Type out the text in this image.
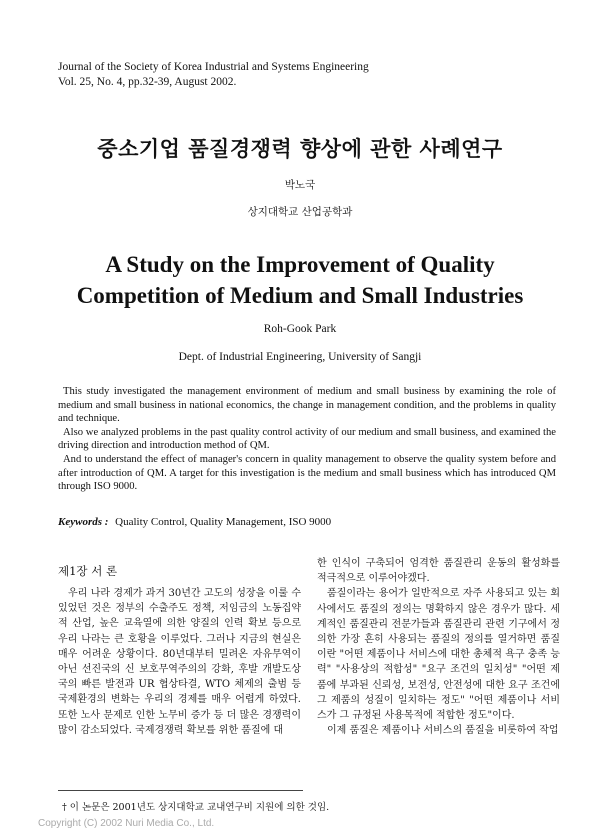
Journal of the Society of Korea Industrial and Systems Engineering
Vol. 25, No. 4, pp.32-39, August 2002.
중소기업 품질경쟁력 향상에 관한 사례연구
박노국
상지대학교 산업공학과
A Study on the Improvement of Quality
Competition of Medium and Small Industries
Roh-Gook Park
Dept. of Industrial Engineering, University of Sangji

This study investigated the management environment of medium and small business by examining the role of medium and small business in national economics, the change in management condition, and the problems in quality and technique.

Also we analyzed problems in the past quality control activity of our medium and small business, and examined the driving direction and introduction method of QM.

And to understand the effect of manager's concern in quality management to observe the quality system before and after introduction of QM. A target for this investigation is the medium and small business which has introduced QM through ISO 9000.

Keywords : Quality Control, Quality Management, ISO 9000
제1장 서 론

우리 나라 경제가 과거 30년간 고도의 성장을 이룰 수 있었던 것은 정부의 수출주도 정책, 저임금의 노동집약적 산업, 높은 교육열에 의한 양질의 인력 확보 등으로 우리 나라는 큰 호황을 이루었다. 그러나 지금의 현실은 매우 어려운 상황이다. 80년대부터 밀려온 자유무역이 아닌 선진국의 신 보호무역주의의 강화, 후발 개발도상국의 빠른 발전과 UR 협상타결, WTO 체제의 출범 등 국제환경의 변화는 우리의 경제를 매우 어렵게 하였다. 또한 노사 문제로 인한 노무비 증가 등 더 많은 경쟁력이 많이 감소되었다. 국제경쟁력 확보를 위한 품질에 대

한 인식이 구축되어 엄격한 품질관리 운동의 활성화를 적극적으로 이루어야겠다.

품질이라는 용어가 일반적으로 자주 사용되고 있는 회사에서도 품질의 정의는 명확하지 않은 경우가 많다. 세계적인 품질관리 전문가들과 품질관리 관련 기구에서 정의한 가장 흔히 사용되는 품질의 정의를 열거하면 품질이란 "어떤 제품이나 서비스에 대한 총체적 욕구 충족 능력" "사용상의 적합성" "요구 조건의 일치성" "어떤 제품에 부과된 신뢰성, 보전성, 안전성에 대한 요구 조건에 그 제품의 성질이 일치하는 정도" "어떤 제품이나 서비스가 그 규정된 사용목적에 적합한 정도"이다.

이제 품질은 제품이나 서비스의 품질을 비롯하여 작업

† 이 논문은 2001년도 상지대학교 교내연구비 지원에 의한 것임.
Copyright (C) 2002 Nuri Media Co., Ltd.
